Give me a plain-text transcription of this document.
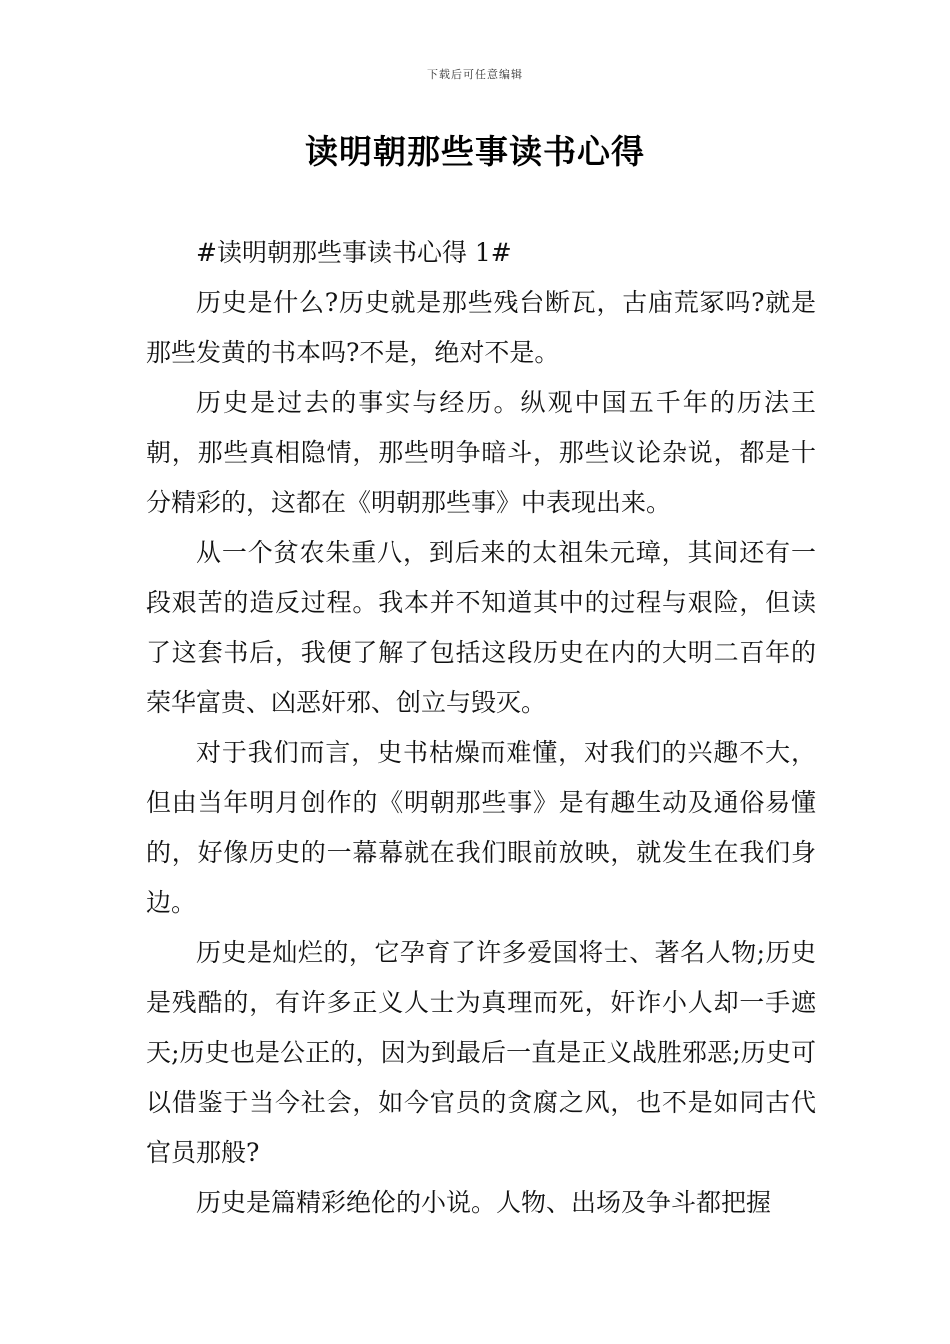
下载后可任意编辑
读明朝那些事读书心得

#读明朝那些事读书心得 1#

历史是什么?历史就是那些残台断瓦，古庙荒冢吗?就是那些发黄的书本吗?不是，绝对不是。

历史是过去的事实与经历。纵观中国五千年的历法王朝，那些真相隐情，那些明争暗斗，那些议论杂说，都是十分精彩的，这都在《明朝那些事》中表现出来。

从一个贫农朱重八，到后来的太祖朱元璋，其间还有一段艰苦的造反过程。我本并不知道其中的过程与艰险，但读了这套书后，我便了解了包括这段历史在内的大明二百年的荣华富贵、凶恶奸邪、创立与毁灭。

对于我们而言，史书枯燥而难懂，对我们的兴趣不大，但由当年明月创作的《明朝那些事》是有趣生动及通俗易懂的，好像历史的一幕幕就在我们眼前放映，就发生在我们身边。

历史是灿烂的，它孕育了许多爱国将士、著名人物;历史是残酷的，有许多正义人士为真理而死，奸诈小人却一手遮天;历史也是公正的，因为到最后一直是正义战胜邪恶;历史可以借鉴于当今社会，如今官员的贪腐之风，也不是如同古代官员那般?

历史是篇精彩绝伦的小说。人物、出场及争斗都把握
